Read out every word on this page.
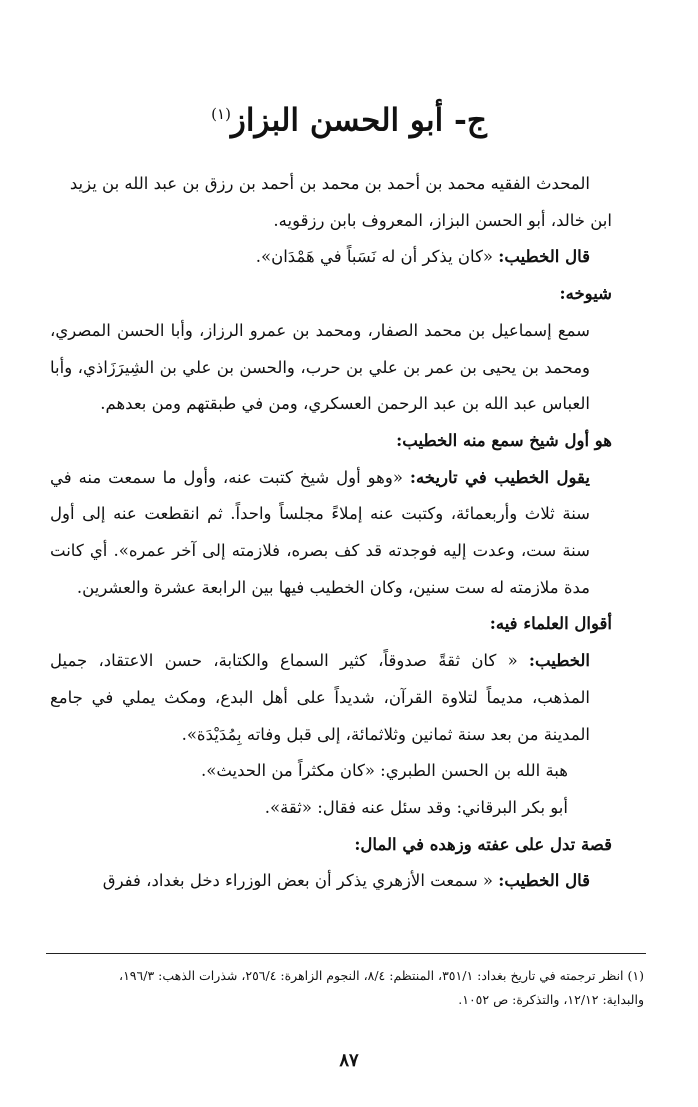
ج- أبو الحسن البزاز$^{(١)}$

المحدث الفقيه محمد بن أحمد بن محمد بن أحمد بن رزق بن عبد الله بن يزيد

ابن خالد، أبو الحسن البزاز، المعروف بابن رزقويه.

قال الخطيب: «كان يذكر أن له نَسَباً في هَمْدَان».

شيوخه:

سمع إسماعيل بن محمد الصفار، ومحمد بن عمرو الرزاز، وأبا الحسن المصري، ومحمد بن يحيى بن عمر بن علي بن حرب، والحسن بن علي بن الشِيرَزَاذي، وأبا العباس عبد الله بن عبد الرحمن العسكري، ومن في طبقتهم ومن بعدهم.

هو أول شيخ سمع منه الخطيب:

يقول الخطيب في تاريخه: «وهو أول شيخ كتبت عنه، وأول ما سمعت منه في سنة ثلاث وأربعمائة، وكتبت عنه إملاءً مجلساً واحداً. ثم انقطعت عنه إلى أول سنة ست، وعدت إليه فوجدته قد كف بصره، فلازمته إلى آخر عمره». أي كانت مدة ملازمته له ست سنين، وكان الخطيب فيها بين الرابعة عشرة والعشرين.

أقوال العلماء فيه:

الخطيب: « كان ثقةً صدوقاً، كثير السماع والكتابة، حسن الاعتقاد، جميل المذهب، مديماً لتلاوة القرآن، شديداً على أهل البدع، ومكث يملي في جامع المدينة من بعد سنة ثمانين وثلاثمائة، إلى قبل وفاته بِمُدَيْدَة».

هبة الله بن الحسن الطبري: «كان مكثراً من الحديث».

أبو بكر البرقاني: وقد سئل عنه فقال: «ثقة».

قصة تدل على عفته وزهده في المال:

قال الخطيب: « سمعت الأزهري يذكر أن بعض الوزراء دخل بغداد، ففرق

(١) انظر ترجمته في تاريخ بغداد: ٣٥١/١، المنتظم: ٨/٤، النجوم الزاهرة: ٢٥٦/٤، شذرات الذهب: ١٩٦/٣،

والبداية: ١٢/١٢، والتذكرة: ص ١٠٥٢.

٨٧
